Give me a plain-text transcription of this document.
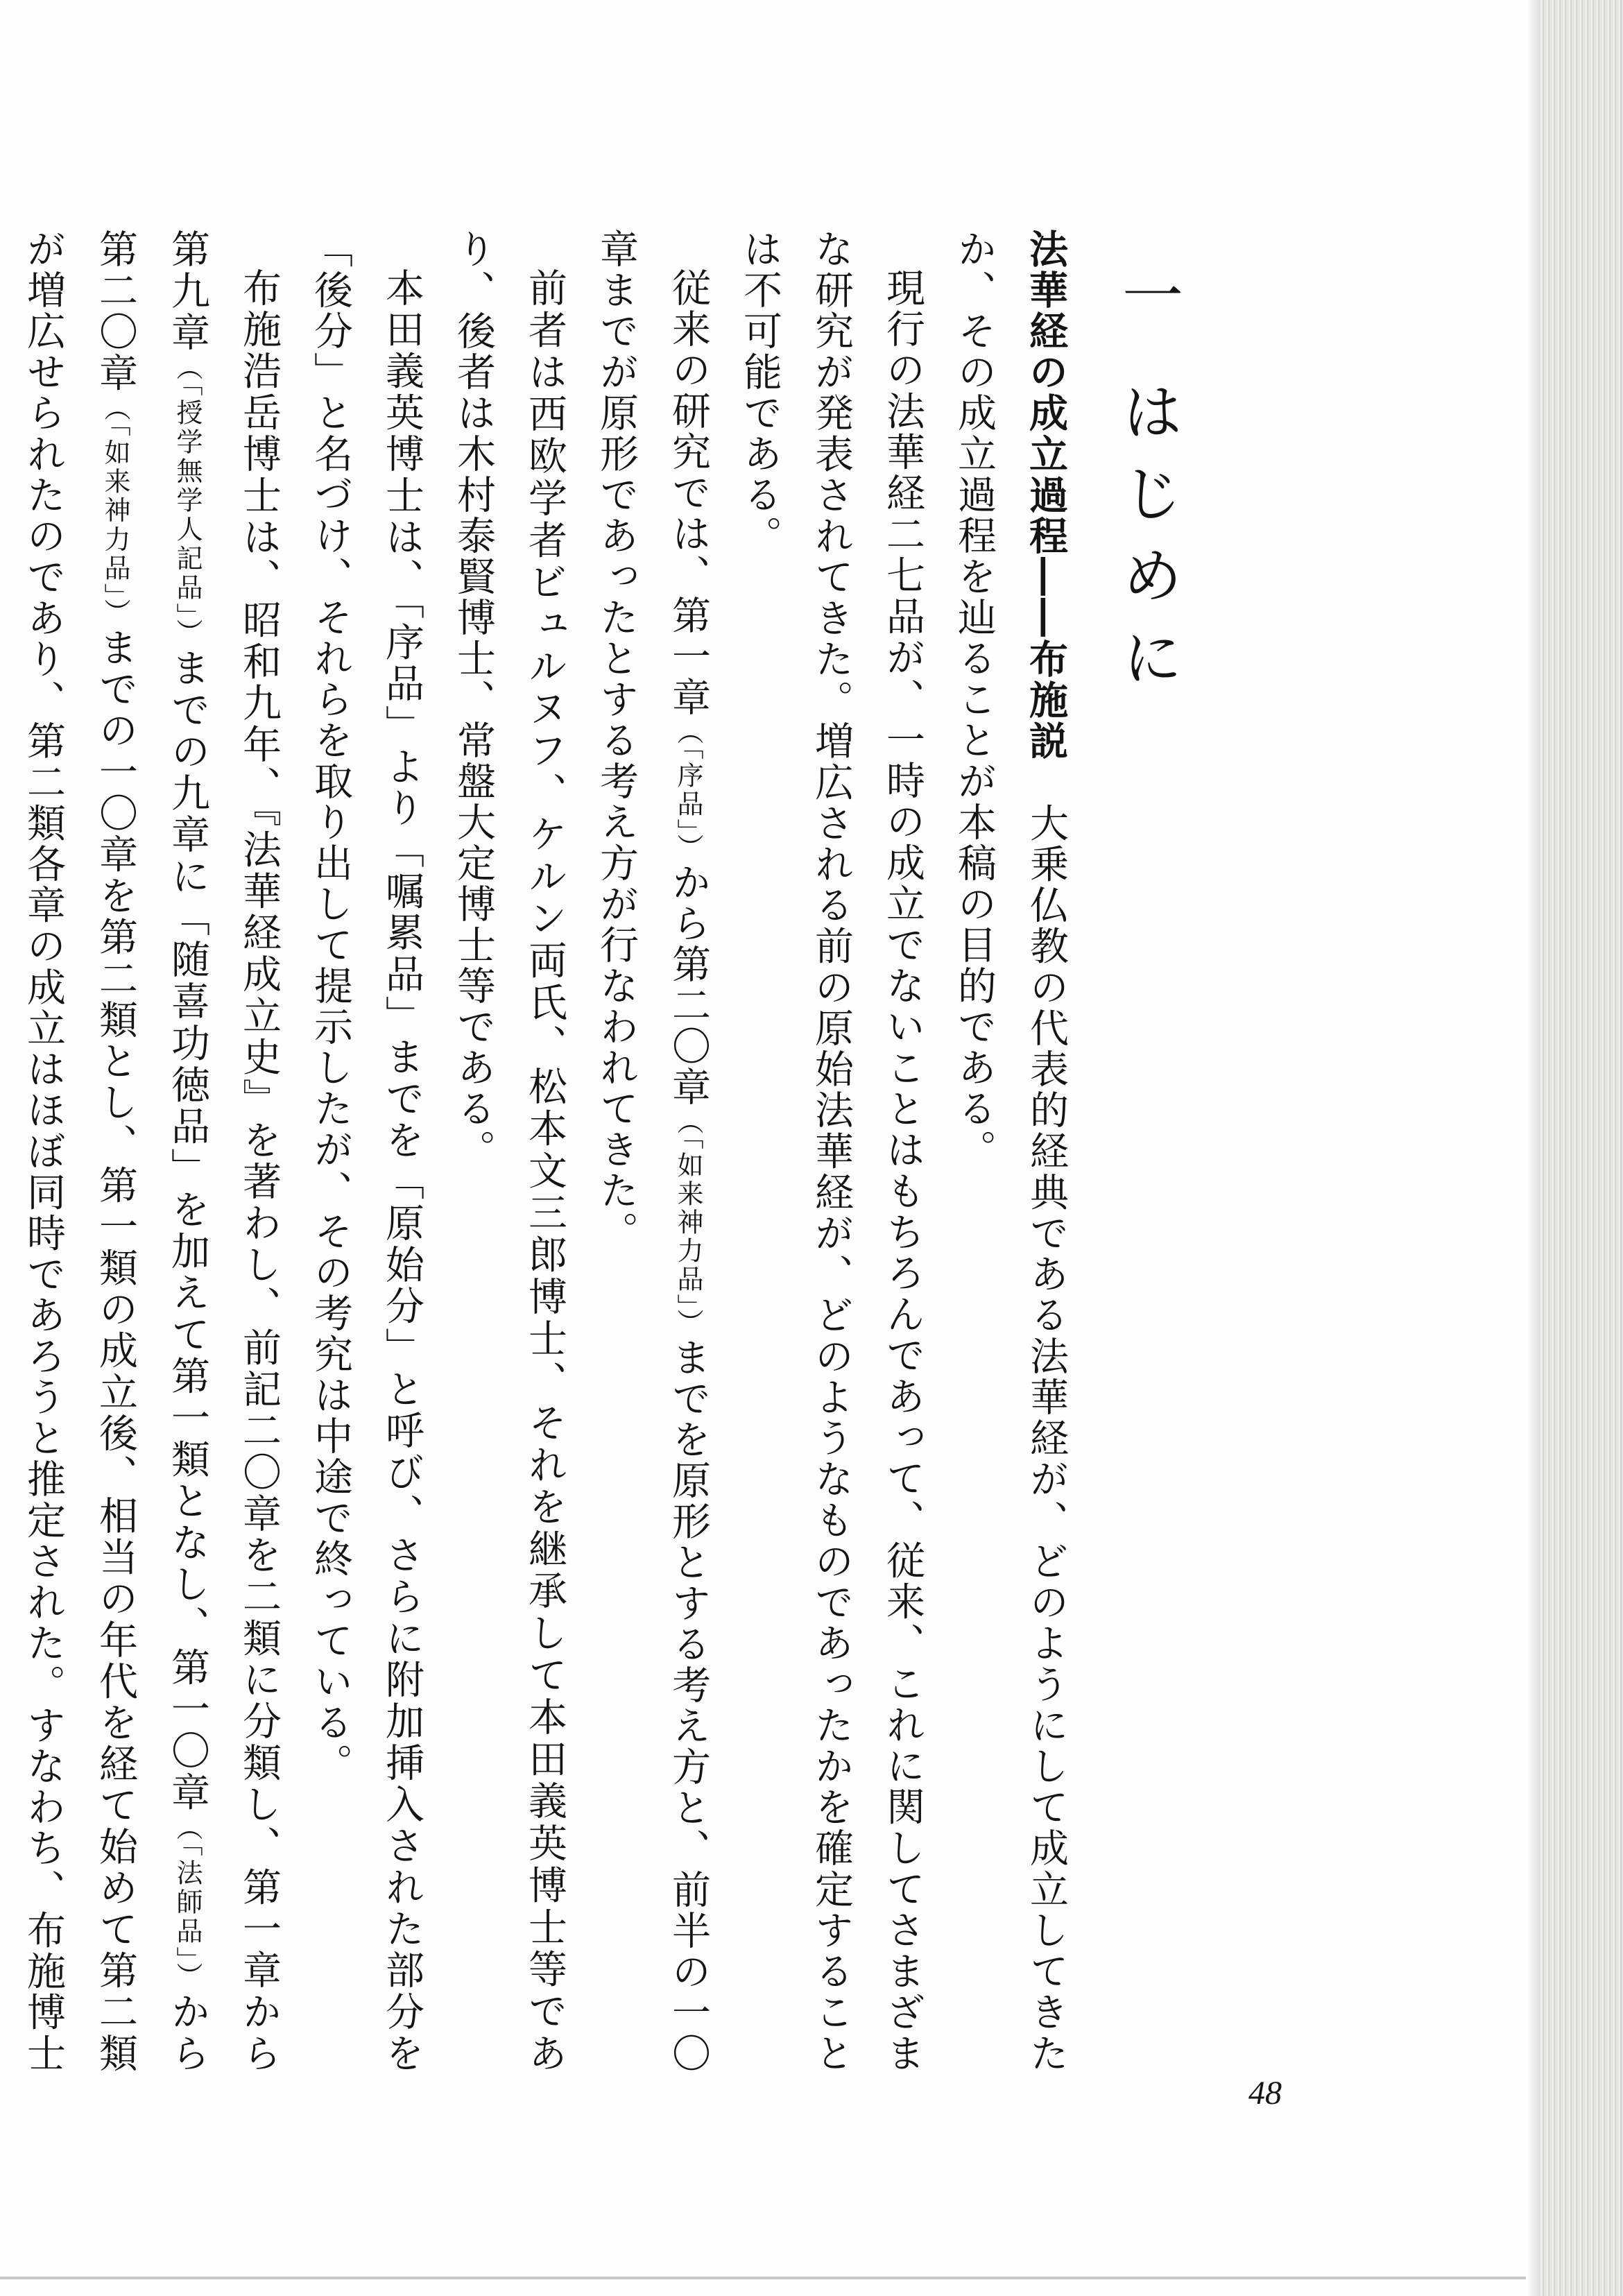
一はじめに

法華経の成立過程――布施説　大乗仏教の代表的経典である法華経が、どのようにして成立してきたか、その成立過程を辿ることが本稿の目的である。

現行の法華経二七品が、一時の成立でないことはもちろんであって、従来、これに関してさまざまな研究が発表されてきた。増広される前の原始法華経が、どのようなものであったかを確定することは不可能である。

従来の研究では、第一章（「序品」）から第二〇章（「如来神力品」）までを原形とする考え方と、前半の一〇章までが原形であったとする考え方が行なわれてきた。

前者は西欧学者ビュルヌフ、ケルン両氏、松本文三郎博士、それを継承して本田義英博士等であり、後者は木村泰賢博士、常盤大定博士等である。

本田義英博士は、「序品」より「嘱累品」までを「原始分」と呼び、さらに附加挿入された部分を「後分」と名づけ、それらを取り出して提示したが、その考究は中途で終っている。

布施浩岳博士は、昭和九年、『法華経成立史』を著わし、前記二〇章を二類に分類し、第一章から第九章（「授学無学人記品」）までの九章に「随喜功徳品」を加えて第一類となし、第一〇章（「法師品」）から第二〇章（「如来神力品」）までの一〇章を第二類とし、第一類の成立後、相当の年代を経て始めて第二類が増広せられたのであり、第二類各章の成立はほぼ同時であろうと推定された。すなわち、布施博士

48
